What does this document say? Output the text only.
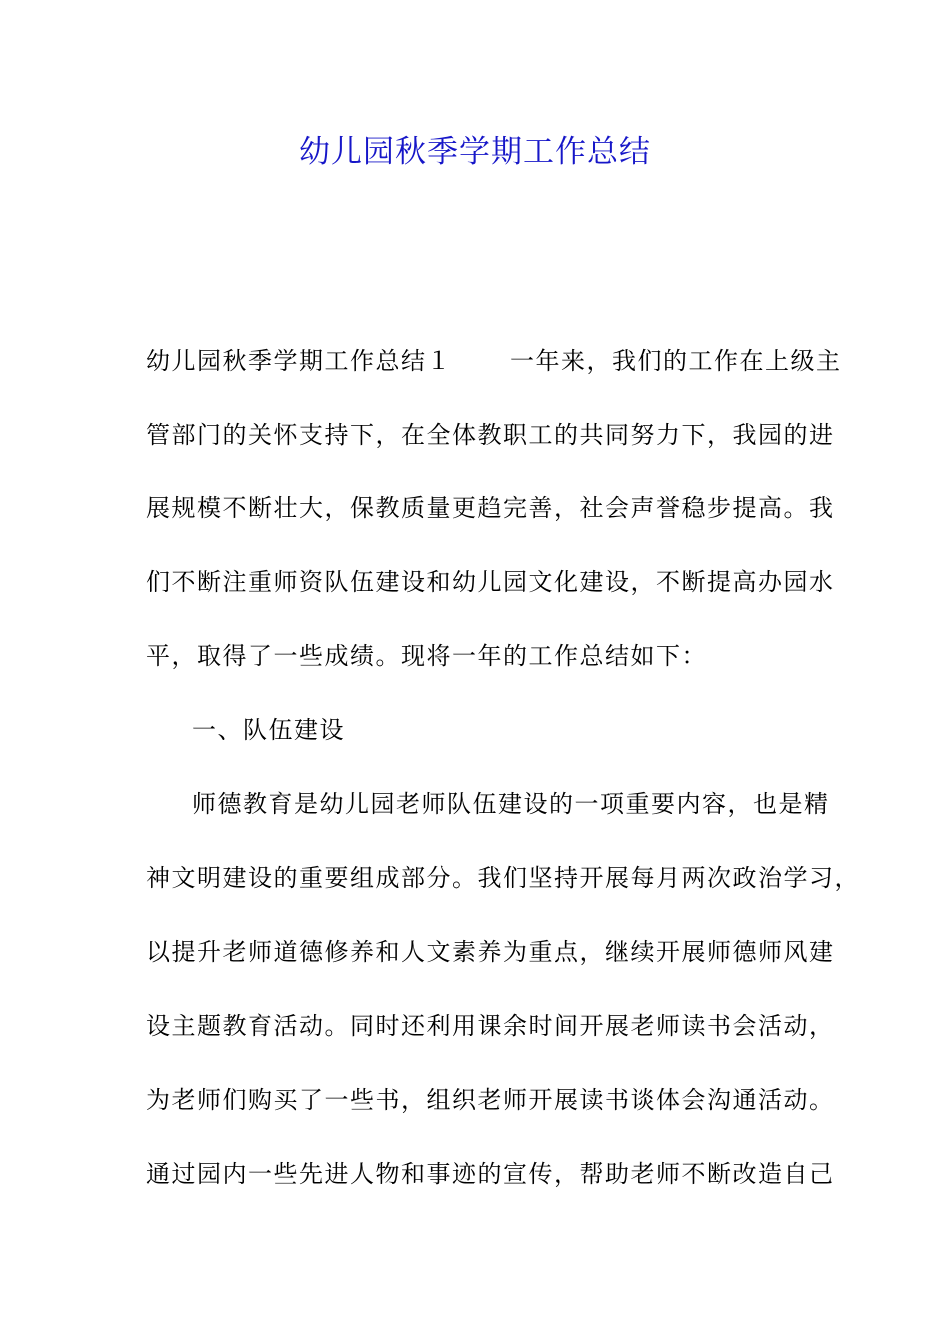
幼儿园秋季学期工作总结
幼儿园秋季学期工作总结１ 一年来，我们的工作在上级主
管部门的关怀支持下，在全体教职工的共同努力下，我园的进
展规模不断壮大，保教质量更趋完善，社会声誉稳步提高。我
们不断注重师资队伍建设和幼儿园文化建设，不断提高办园水
平，取得了一些成绩。现将一年的工作总结如下：
一、队伍建设
师德教育是幼儿园老师队伍建设的一项重要内容，也是精
神文明建设的重要组成部分。我们坚持开展每月两次政治学习，
以提升老师道德修养和人文素养为重点，继续开展师德师风建
设主题教育活动。同时还利用课余时间开展老师读书会活动，
为老师们购买了一些书，组织老师开展读书谈体会沟通活动。
通过园内一些先进人物和事迹的宣传，帮助老师不断改造自己
